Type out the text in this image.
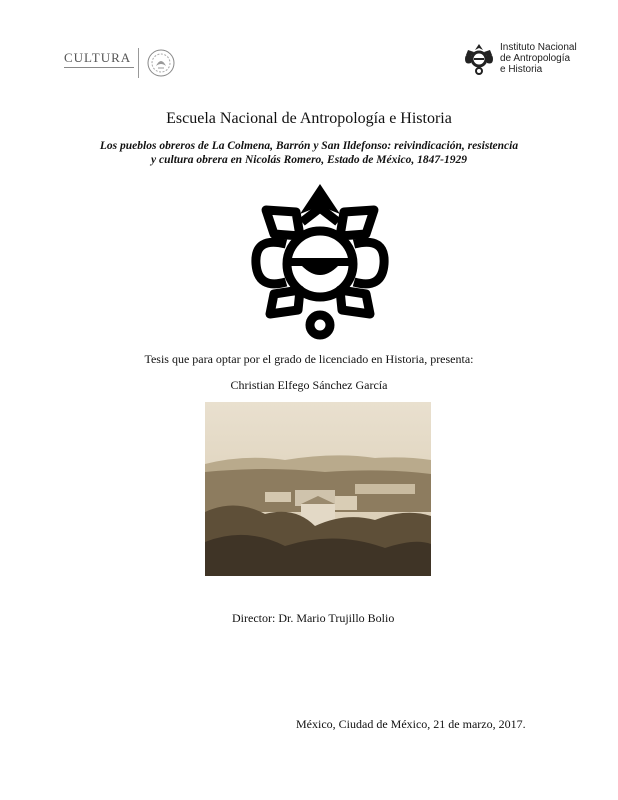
CULTURA
Instituto Nacional
de Antropología
e Historia
Escuela Nacional de Antropología e Historia
Los pueblos obreros de La Colmena, Barrón y San Ildefonso: reivindicación, resistencia
y cultura obrera en Nicolás Romero, Estado de México, 1847-1929
Tesis que para optar por el grado de licenciado en Historia, presenta:
Christian Elfego Sánchez García
Director: Dr. Mario Trujillo Bolio
México, Ciudad de México, 21 de marzo, 2017.
